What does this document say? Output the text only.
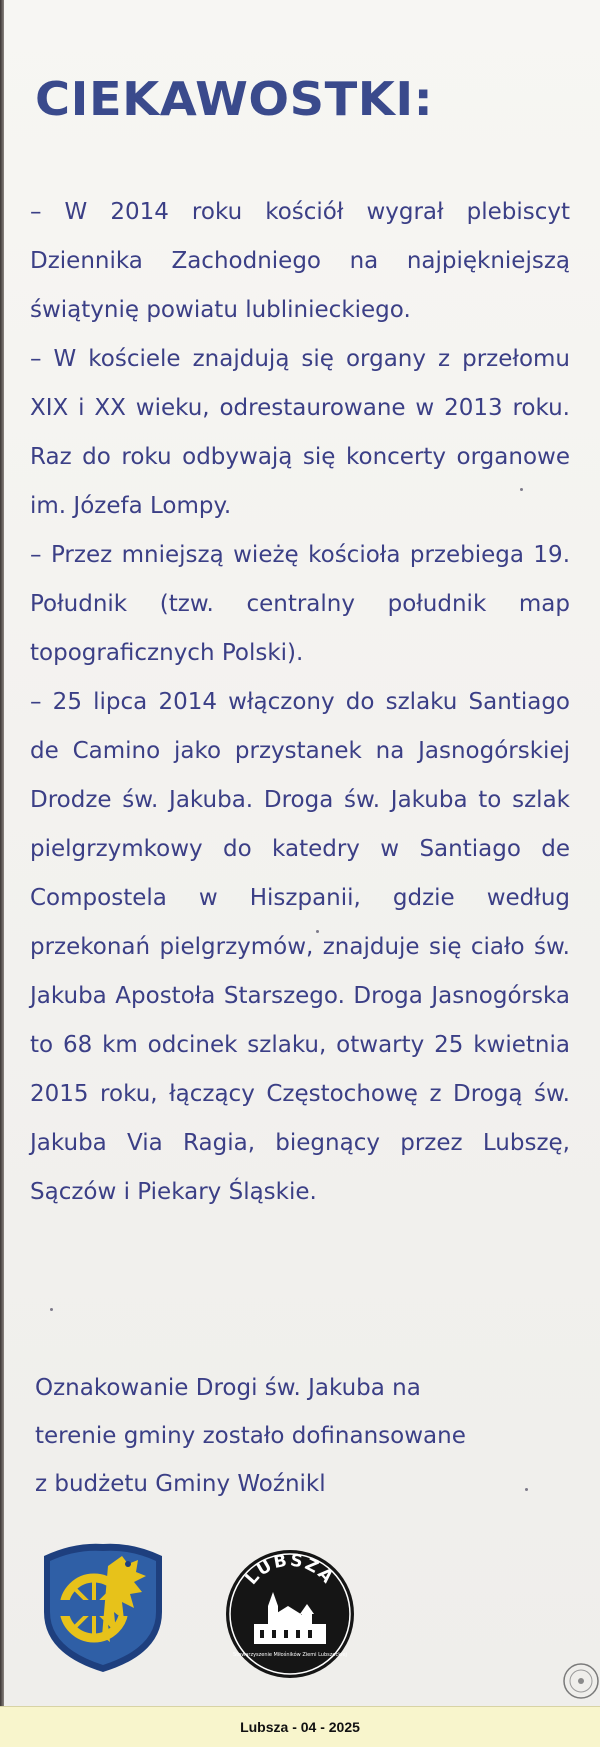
CIEKAWOSTKI:

– W 2014 roku kościół wygrał plebiscyt Dziennika Zachodniego na najpiękniejszą świątynię powiatu lublinieckiego.

– W kościele znajdują się organy z przełomu XIX i XX wieku, odrestaurowane w 2013 roku. Raz do roku odbywają się koncerty organowe im. Józefa Lompy.

– Przez mniejszą wieżę kościoła przebiega 19. Południk (tzw. centralny południk map topograficznych Polski).

– 25 lipca 2014 włączony do szlaku Santiago de Camino jako przystanek na Jasnogórskiej Drodze św. Jakuba. Droga św. Jakuba to szlak pielgrzymkowy do katedry w Santiago de Compostela w Hiszpanii, gdzie według przekonań pielgrzymów, znajduje się ciało św. Jakuba Apostoła Starszego. Droga Jasnogórska to 68 km odcinek szlaku, otwarty 25 kwietnia 2015 roku, łączący Częstochowę z Drogą św. Jakuba Via Ragia, biegnący przez Lubszę, Sączów i Piekary Śląskie.

Oznakowanie Drogi św. Jakuba na
terenie gminy zostało dofinansowane
z budżetu Gminy Woźnikl
LUBSZA
Stowarzyszenie Miłośników Ziemi Lubszeckiej
Lubsza - 04 - 2025
